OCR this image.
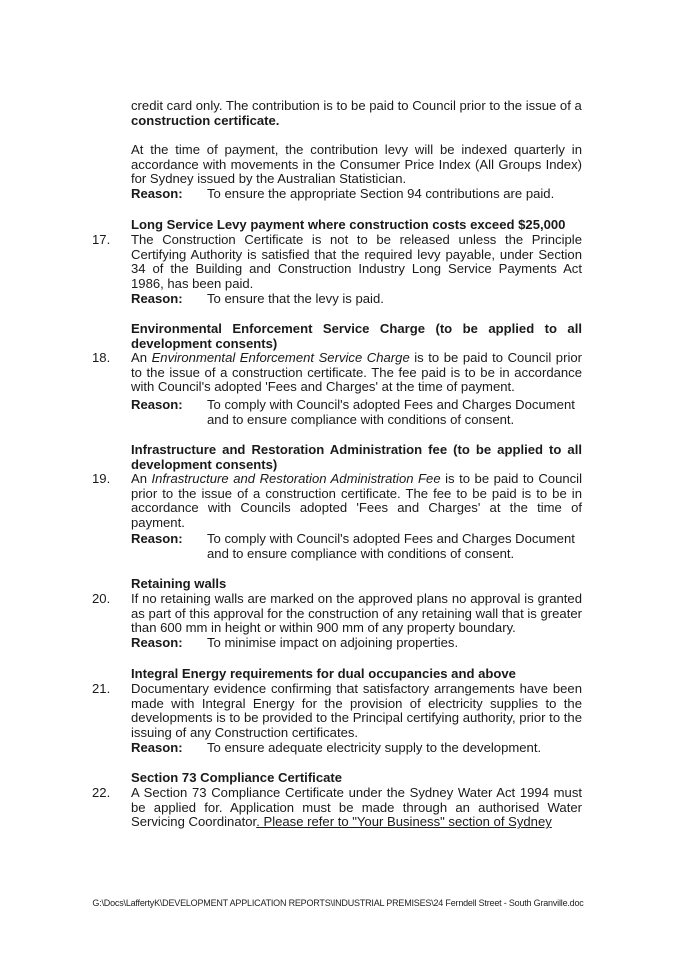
credit card only. The contribution is to be paid to Council prior to the issue of a
construction certificate.

At the time of payment, the contribution levy will be indexed quarterly in accordance with movements in the Consumer Price Index (All Groups Index) for Sydney issued by the Australian Statistician.

Reason: To ensure the appropriate Section 94 contributions are paid.
Long Service Levy payment where construction costs exceed $25,000
17. The Construction Certificate is not to be released unless the Principle Certifying Authority is satisfied that the required levy payable, under Section 34 of the Building and Construction Industry Long Service Payments Act 1986, has been paid.

Reason: To ensure that the levy is paid.
Environmental Enforcement Service Charge (to be applied to all development consents)
18. An Environmental Enforcement Service Charge is to be paid to Council prior to the issue of a construction certificate. The fee paid is to be in accordance with Council's adopted 'Fees and Charges' at the time of payment.

Reason: To comply with Council's adopted Fees and Charges Document and to ensure compliance with conditions of consent.
Infrastructure and Restoration Administration fee (to be applied to all development consents)
19. An Infrastructure and Restoration Administration Fee is to be paid to Council prior to the issue of a construction certificate. The fee to be paid is to be in accordance with Councils adopted 'Fees and Charges' at the time of payment.

Reason: To comply with Council's adopted Fees and Charges Document and to ensure compliance with conditions of consent.
Retaining walls
20. If no retaining walls are marked on the approved plans no approval is granted as part of this approval for the construction of any retaining wall that is greater than 600 mm in height or within 900 mm of any property boundary.

Reason: To minimise impact on adjoining properties.
Integral Energy requirements for dual occupancies and above
21. Documentary evidence confirming that satisfactory arrangements have been made with Integral Energy for the provision of electricity supplies to the developments is to be provided to the Principal certifying authority, prior to the issuing of any Construction certificates.

Reason: To ensure adequate electricity supply to the development.
Section 73 Compliance Certificate
22. A Section 73 Compliance Certificate under the Sydney Water Act 1994 must be applied for. Application must be made through an authorised Water Servicing Coordinator. Please refer to "Your Business" section of Sydney

G:\Docs\LaffertyK\DEVELOPMENT APPLICATION REPORTS\INDUSTRIAL PREMISES\24 Ferndell Street - South Granville.doc
